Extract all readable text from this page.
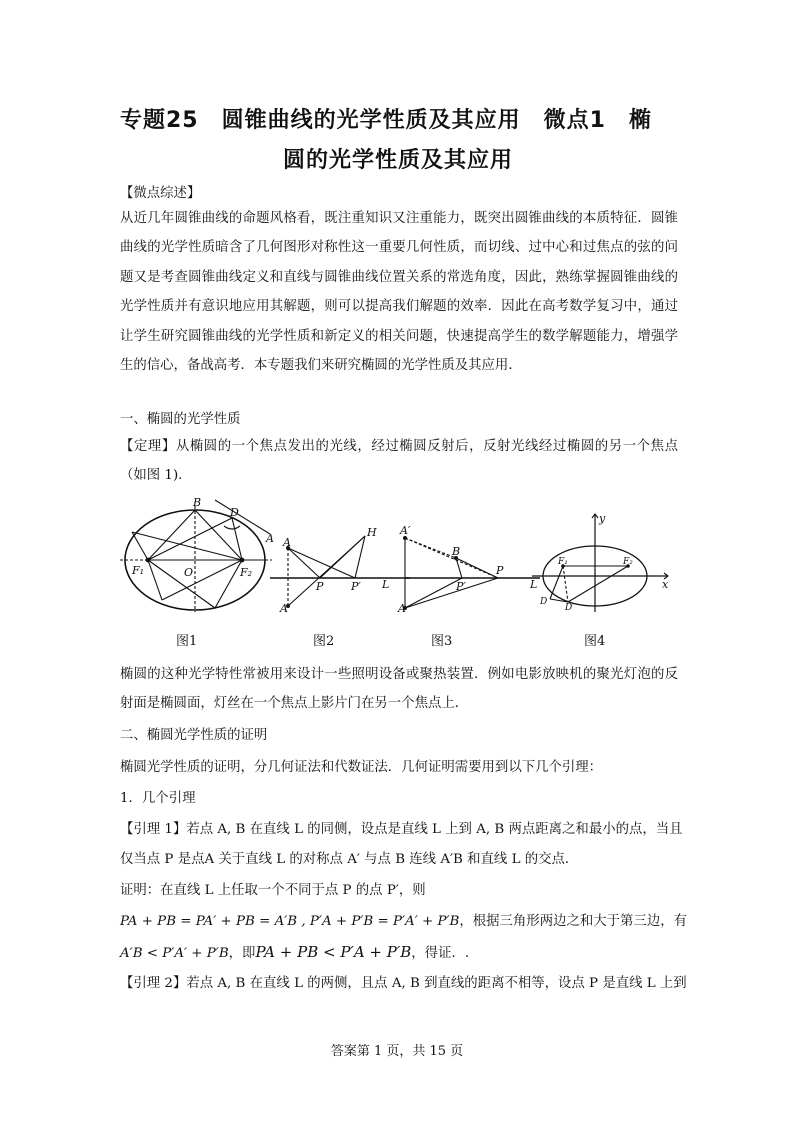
专题25　圆锥曲线的光学性质及其应用　微点1　椭
圆的光学性质及其应用
【微点综述】
从近几年圆锥曲线的命题风格看，既注重知识又注重能力，既突出圆锥曲线的本质特征．圆锥曲线的光学性质暗含了几何图形对称性这一重要几何性质，而切线、过中心和过焦点的弦的问题又是考查圆锥曲线定义和直线与圆锥曲线位置关系的常选角度，因此，熟练掌握圆锥曲线的光学性质并有意识地应用其解题，则可以提高我们解题的效率．因此在高考数学复习中，通过让学生研究圆锥曲线的光学性质和新定义的相关问题，快速提高学生的数学解题能力，增强学生的信心，备战高考．本专题我们来研究椭圆的光学性质及其应用．
一、椭圆的光学性质
【定理】从椭圆的一个焦点发出的光线，经过椭圆反射后，反射光线经过椭圆的另一个焦点（如图 1).
B
D
A
F₁	O	F₂
A
H
P	P′ L
A′
A′
B
P′
P
L
A
y
F₁	F₂
x
D
D′
图1	图2	图3	图4
椭圆的这种光学特性常被用来设计一些照明设备或聚热装置．例如电影放映机的聚光灯泡的反射面是椭圆面，灯丝在一个焦点上影片门在另一个焦点上．
二、椭圆光学性质的证明
椭圆光学性质的证明，分几何证法和代数证法．几何证明需要用到以下几个引理：
1．几个引理
【引理 1】若点 A, B 在直线 L 的同侧，设点是直线 L 上到 A, B 两点距离之和最小的点，当且
仅当点 P 是点A 关于直线 L 的对称点 A′ 与点 B 连线 A′B 和直线 L 的交点．
证明：在直线 L 上任取一个不同于点 P 的点 P′，则
PA + PB = PA′ + PB = A′B , P′A + P′B = P′A′ + P′B，根据三角形两边之和大于第三边，有
A′B < P′A′ + P′B，即PA + PB < P′A + P′B，得证．.
【引理 2】若点 A, B 在直线 L 的两侧，且点 A, B 到直线的距离不相等，设点 P 是直线 L 上到
答案第 1 页，共 15 页
